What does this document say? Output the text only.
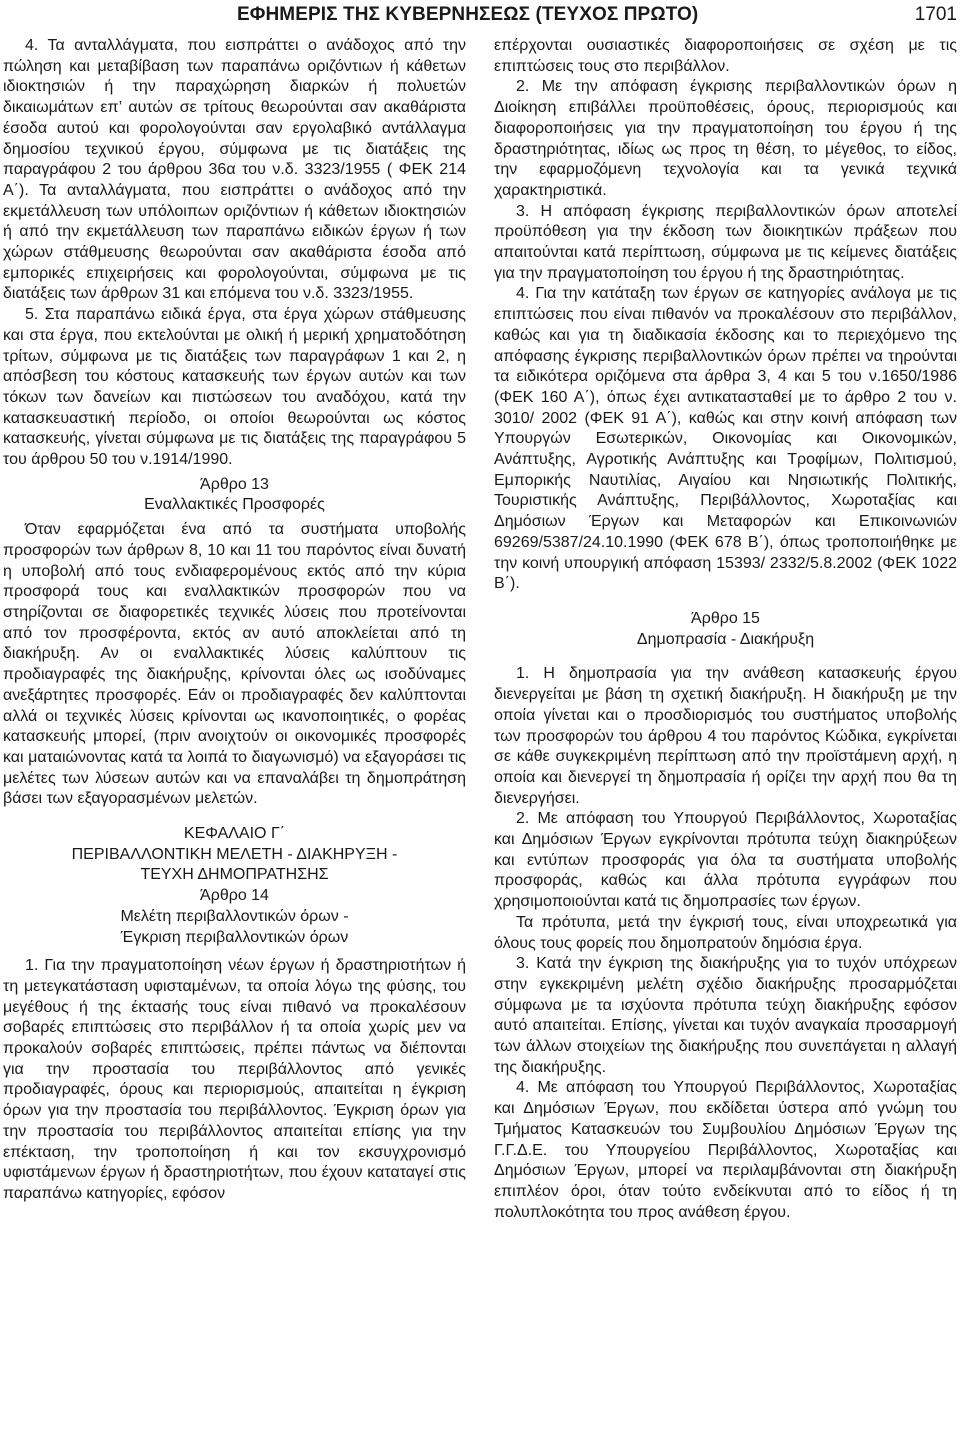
ΕΦΗΜΕΡΙΣ ΤΗΣ ΚΥΒΕΡΝΗΣΕΩΣ (ΤΕΥΧΟΣ ΠΡΩΤΟ)	1701

4. Τα ανταλλάγματα, που εισπράττει ο ανάδοχος από την πώληση και μεταβίβαση των παραπάνω οριζόντιων ή κάθετων ιδιοκτησιών ή την παραχώρηση διαρκών ή πολυετών δικαιωμάτων επ’ αυτών σε τρίτους θεωρούνται σαν ακαθάριστα έσοδα αυτού και φορολογούνται σαν εργολαβικό αντάλλαγμα δημοσίου τεχνικού έργου, σύμφωνα με τις διατάξεις της παραγράφου 2 του άρθρου 36α του ν.δ. 3323/1955 ( ΦΕΚ 214 Α΄). Τα ανταλλάγματα, που εισπράττει ο ανάδοχος από την εκμετάλλευση των υπόλοιπων οριζόντιων ή κάθετων ιδιοκτησιών ή από την εκμετάλλευση των παραπάνω ειδικών έργων ή των χώρων στάθμευσης θεωρούνται σαν ακαθάριστα έσοδα από εμπορικές επιχειρήσεις και φορολογούνται, σύμφωνα με τις διατάξεις των άρθρων 31 και επόμενα του ν.δ. 3323/1955.

5. Στα παραπάνω ειδικά έργα, στα έργα χώρων στάθμευσης και στα έργα, που εκτελούνται με ολική ή μερική χρηματοδότηση τρίτων, σύμφωνα με τις διατάξεις των παραγράφων 1 και 2, η απόσβεση του κόστους κατασκευής των έργων αυτών και των τόκων των δανείων και πιστώσεων του αναδόχου, κατά την κατασκευαστική περίοδο, οι οποίοι θεωρούνται ως κόστος κατασκευής, γίνεται σύμφωνα με τις διατάξεις της παραγράφου 5 του άρθρου 50 του ν.1914/1990.

Άρθρο 13

Εναλλακτικές Προσφορές

Όταν εφαρμόζεται ένα από τα συστήματα υποβολής προσφορών των άρθρων 8, 10 και 11 του παρόντος είναι δυνατή η υποβολή από τους ενδιαφερομένους εκτός από την κύρια προσφορά τους και εναλλακτικών προσφορών που να στηρίζονται σε διαφορετικές τεχνικές λύσεις που προτείνονται από τον προσφέροντα, εκτός αν αυτό αποκλείεται από τη διακήρυξη. Αν οι εναλλακτικές λύσεις καλύπτουν τις προδιαγραφές της διακήρυξης, κρίνονται όλες ως ισοδύναμες ανεξάρτητες προσφορές. Εάν οι προδιαγραφές δεν καλύπτονται αλλά οι τεχνικές λύσεις κρίνονται ως ικανοποιητικές, ο φορέας κατασκευής μπορεί, (πριν ανοιχτούν οι οικονομικές προσφορές και ματαιώνοντας κατά τα λοιπά το διαγωνισμό) να εξαγοράσει τις μελέτες των λύσεων αυτών και να επαναλάβει τη δημοπράτηση βάσει των εξαγορασμένων μελετών.

ΚΕΦΑΛΑΙΟ Γ΄

ΠΕΡΙΒΑΛΛΟΝΤΙΚΗ ΜΕΛΕΤΗ - ΔΙΑΚΗΡΥΞΗ -

ΤΕΥΧΗ ΔΗΜΟΠΡΑΤΗΣΗΣ

Άρθρο 14

Μελέτη περιβαλλοντικών όρων -

Έγκριση περιβαλλοντικών όρων

1. Για την πραγματοποίηση νέων έργων ή δραστηριοτήτων ή τη μετεγκατάσταση υφισταμένων, τα οποία λόγω της φύσης, του μεγέθους ή της έκτασής τους είναι πιθανό να προκαλέσουν σοβαρές επιπτώσεις στο περιβάλλον ή τα οποία χωρίς μεν να προκαλούν σοβαρές επιπτώσεις, πρέπει πάντως να διέπονται για την προστασία του περιβάλλοντος από γενικές προδιαγραφές, όρους και περιορισμούς, απαιτείται η έγκριση όρων για την προστασία του περιβάλλοντος. Έγκριση όρων για την προστασία του περιβάλλοντος απαιτείται επίσης για την επέκταση, την τροποποίηση ή και τον εκσυγχρονισμό υφιστάμενων έργων ή δραστηριοτήτων, που έχουν καταταγεί στις παραπάνω κατηγορίες, εφόσον

επέρχονται ουσιαστικές διαφοροποιήσεις σε σχέση με τις επιπτώσεις τους στο περιβάλλον.

2. Με την απόφαση έγκρισης περιβαλλοντικών όρων η Διοίκηση επιβάλλει προϋποθέσεις, όρους, περιορισμούς και διαφοροποιήσεις για την πραγματοποίηση του έργου ή της δραστηριότητας, ιδίως ως προς τη θέση, το μέγεθος, το είδος, την εφαρμοζόμενη τεχνολογία και τα γενικά τεχνικά χαρακτηριστικά.

3. Η απόφαση έγκρισης περιβαλλοντικών όρων αποτελεί προϋπόθεση για την έκδοση των διοικητικών πράξεων που απαιτούνται κατά περίπτωση, σύμφωνα με τις κείμενες διατάξεις για την πραγματοποίηση του έργου ή της δραστηριότητας.

4. Για την κατάταξη των έργων σε κατηγορίες ανάλογα με τις επιπτώσεις που είναι πιθανόν να προκαλέσουν στο περιβάλλον, καθώς και για τη διαδικασία έκδοσης και το περιεχόμενο της απόφασης έγκρισης περιβαλλοντικών όρων πρέπει να τηρούνται τα ειδικότερα οριζόμενα στα άρθρα 3, 4 και 5 του ν.1650/1986 (ΦΕΚ 160 Α΄), όπως έχει αντικατασταθεί με το άρθρο 2 του ν. 3010/ 2002 (ΦΕΚ 91 Α΄), καθώς και στην κοινή απόφαση των Υπουργών Εσωτερικών, Οικονομίας και Οικονομικών, Ανάπτυξης, Αγροτικής Ανάπτυξης και Τροφίμων, Πολιτισμού, Εμπορικής Ναυτιλίας, Αιγαίου και Νησιωτικής Πολιτικής, Τουριστικής Ανάπτυξης, Περιβάλλοντος, Χωροταξίας και Δημόσιων Έργων και Μεταφορών και Επικοινωνιών 69269/5387/24.10.1990 (ΦΕΚ 678 Β΄), όπως τροποποιήθηκε με την κοινή υπουργική απόφαση 15393/ 2332/5.8.2002 (ΦΕΚ 1022 Β΄).

Άρθρο 15

Δημοπρασία - Διακήρυξη

1. Η δημοπρασία για την ανάθεση κατασκευής έργου διενεργείται με βάση τη σχετική διακήρυξη. Η διακήρυξη με την οποία γίνεται και ο προσδιορισμός του συστήματος υποβολής των προσφορών του άρθρου 4 του παρόντος Κώδικα, εγκρίνεται σε κάθε συγκεκριμένη περίπτωση από την προϊστάμενη αρχή, η οποία και διενεργεί τη δημοπρασία ή ορίζει την αρχή που θα τη διενεργήσει.

2. Με απόφαση του Υπουργού Περιβάλλοντος, Χωροταξίας και Δημόσιων Έργων εγκρίνονται πρότυπα τεύχη διακηρύξεων και εντύπων προσφοράς για όλα τα συστήματα υποβολής προσφοράς, καθώς και άλλα πρότυπα εγγράφων που χρησιμοποιούνται κατά τις δημοπρασίες των έργων.

Τα πρότυπα, μετά την έγκρισή τους, είναι υποχρεωτικά για όλους τους φορείς που δημοπρατούν δημόσια έργα.

3. Κατά την έγκριση της διακήρυξης για το τυχόν υπόχρεων στην εγκεκριμένη μελέτη σχέδιο διακήρυξης προσαρμόζεται σύμφωνα με τα ισχύοντα πρότυπα τεύχη διακήρυξης εφόσον αυτό απαιτείται. Επίσης, γίνεται και τυχόν αναγκαία προσαρμογή των άλλων στοιχείων της διακήρυξης που συνεπάγεται η αλλαγή της διακήρυξης.

4. Με απόφαση του Υπουργού Περιβάλλοντος, Χωροταξίας και Δημόσιων Έργων, που εκδίδεται ύστερα από γνώμη του Τμήματος Κατασκευών του Συμβουλίου Δημόσιων Έργων της Γ.Γ.Δ.Ε. του Υπουργείου Περιβάλλοντος, Χωροταξίας και Δημόσιων Έργων, μπορεί να περιλαμβάνονται στη διακήρυξη επιπλέον όροι, όταν τούτο ενδείκνυται από το είδος ή τη πολυπλοκότητα του προς ανάθεση έργου.
